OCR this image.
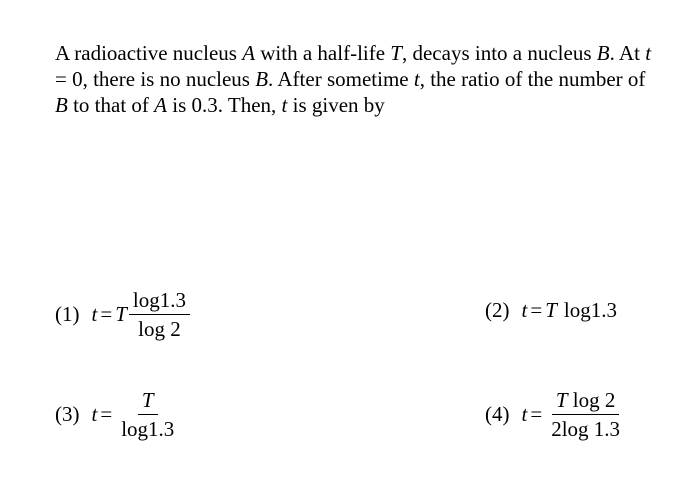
A radioactive nucleus A with a half-life T, decays into a nucleus B. At t = 0, there is no nucleus B. After sometime t, the ratio of the number of B to that of A is 0.3. Then, t is given by
(1) t = T $\frac{\log 1.3}{\log 2}$	(2) t = T log1.3
(3) $t = \frac{T}{\log 1.3}$	(4) $t = \frac{\text{T log 2}}{2\log 1.3}$
